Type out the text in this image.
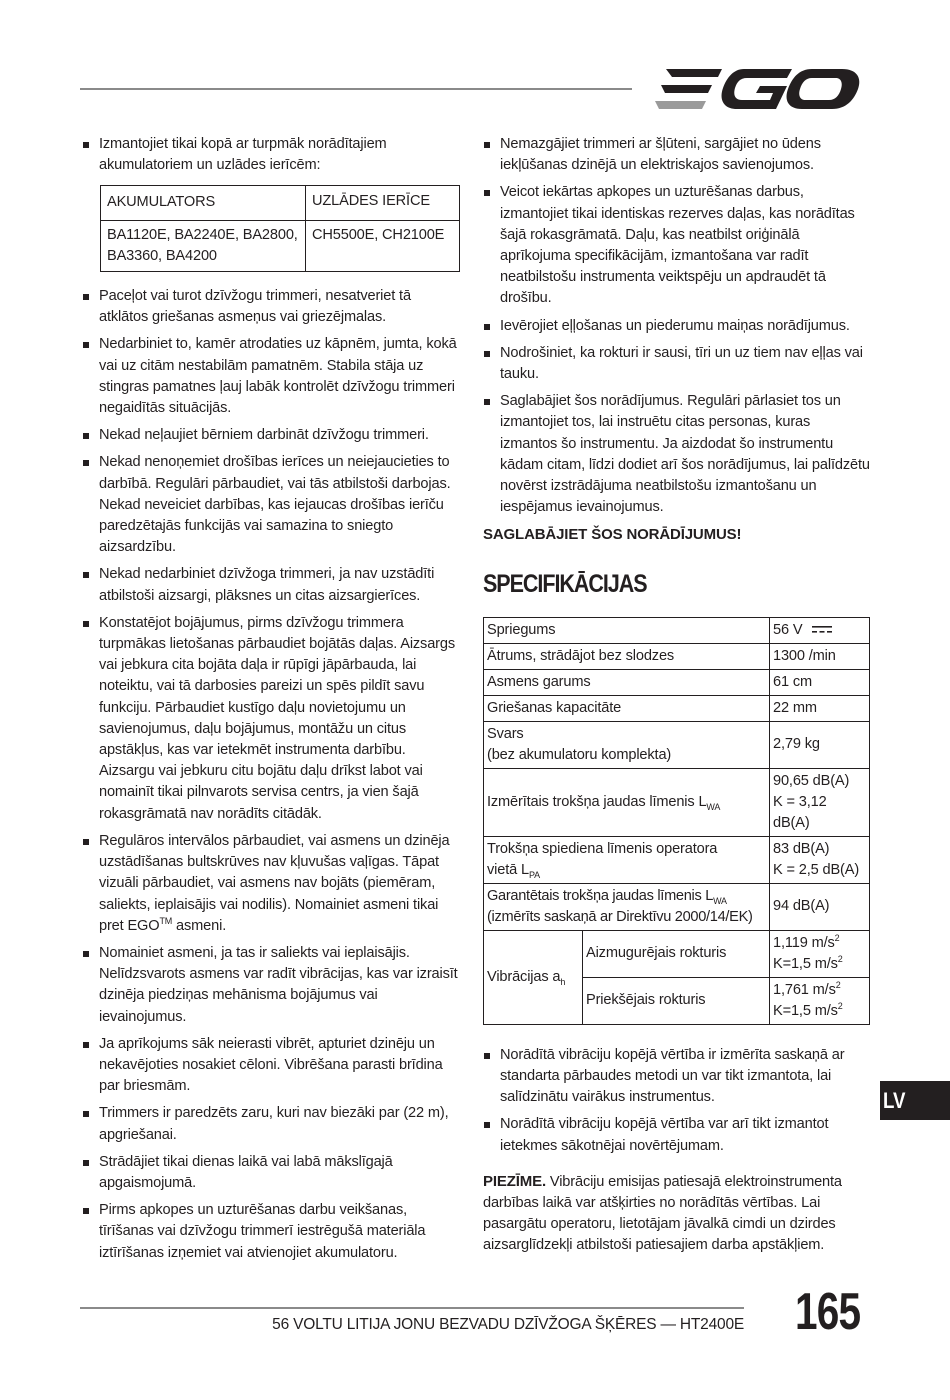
Izmantojiet tikai kopā ar turpmāk norādītajiem akumulatoriem un uzlādes ierīcēm:
AKUMULATORS	UZLĀDES IERĪCE
BA1120E, BA2240E, BA2800, BA3360, BA4200	CH5500E, CH2100E
Paceļot vai turot dzīvžogu trimmeri, nesatveriet tā atklātos griešanas asmeņus vai griezējmalas.
Nedarbiniet to, kamēr atrodaties uz kāpnēm, jumta, kokā vai uz citām nestabilām pamatnēm. Stabila stāja uz stingras pamatnes ļauj labāk kontrolēt dzīvžogu trimmeri negaidītās situācijās.
Nekad neļaujiet bērniem darbināt dzīvžogu trimmeri.
Nekad nenoņemiet drošības ierīces un neiejaucieties to darbībā. Regulāri pārbaudiet, vai tās atbilstoši darbojas. Nekad neveiciet darbības, kas iejaucas drošības ierīču paredzētajās funkcijās vai samazina to sniegto aizsardzību.
Nekad nedarbiniet dzīvžoga trimmeri, ja nav uzstādīti atbilstoši aizsargi, plāksnes un citas aizsargierīces.
Konstatējot bojājumus, pirms dzīvžogu trimmera turpmākas lietošanas pārbaudiet bojātās daļas. Aizsargs vai jebkura cita bojāta daļa ir rūpīgi jāpārbauda, lai noteiktu, vai tā darbosies pareizi un spēs pildīt savu funkciju. Pārbaudiet kustīgo daļu novietojumu un savienojumus, daļu bojājumus, montāžu un citus apstākļus, kas var ietekmēt instrumenta darbību. Aizsargu vai jebkuru citu bojātu daļu drīkst labot vai nomainīt tikai pilnvarots servisa centrs, ja vien šajā rokasgrāmatā nav norādīts citādāk.
Regulāros intervālos pārbaudiet, vai asmens un dzinēja uzstādīšanas bultskrūves nav kļuvušas vaļīgas. Tāpat vizuāli pārbaudiet, vai asmens nav bojāts (piemēram, saliekts, ieplaisājis vai nodilis). Nomainiet asmeni tikai pret EGO™ asmeni.
Nomainiet asmeni, ja tas ir saliekts vai ieplaisājis. Nelīdzsvarots asmens var radīt vibrācijas, kas var izraisīt dzinēja piedziņas mehānisma bojājumus vai ievainojumus.
Ja aprīkojums sāk neierasti vibrēt, apturiet dzinēju un nekavējoties nosakiet cēloni. Vibrēšana parasti brīdina par briesmām.
Trimmers ir paredzēts zaru, kuri nav biezāki par (22 m), apgriešanai.
Strādājiet tikai dienas laikā vai labā mākslīgajā apgaismojumā.
Pirms apkopes un uzturēšanas darbu veikšanas, tīrīšanas vai dzīvžogu trimmerī iestrēgušā materiāla iztīrīšanas izņemiet vai atvienojiet akumulatoru.
Nemazgājiet trimmeri ar šļūteni, sargājiet no ūdens iekļūšanas dzinējā un elektriskajos savienojumos.
Veicot iekārtas apkopes un uzturēšanas darbus, izmantojiet tikai identiskas rezerves daļas, kas norādītas šajā rokasgrāmatā. Daļu, kas neatbilst oriģinālā aprīkojuma specifikācijām, izmantošana var radīt neatbilstošu instrumenta veiktspēju un apdraudēt tā drošību.
Ievērojiet eļļošanas un piederumu maiņas norādījumus.
Nodrošiniet, ka rokturi ir sausi, tīri un uz tiem nav eļļas vai tauku.
Saglabājiet šos norādījumus. Regulāri pārlasiet tos un izmantojiet tos, lai instruētu citas personas, kuras izmantos šo instrumentu. Ja aizdodat šo instrumentu kādam citam, līdzi dodiet arī šos norādījumus, lai palīdzētu novērst izstrādājuma neatbilstošu izmantošanu un iespējamus ievainojumus.
SAGLABĀJIET ŠOS NORĀDĪJUMUS!
SPECIFIKĀCIJAS
Spriegums		56 V
Ātrums, strādājot bez slodzes		1300 /min
Asmens garums		61 cm
Griešanas kapacitāte		22 mm
Svars
(bez akumulatoru komplekta)		2,79 kg
Izmērītais trokšņa jaudas līmenis $L_{WA}$		90,65 dB(A)
K = 3,12 dB(A)
Trokšņa spiediena līmenis operatora
vietā $L_{PA}$		83 dB(A)
K = 2,5 dB(A)
Garantētais trokšņa jaudas līmenis $L_{WA}$
(izmērīts saskaņā ar Direktīvu 2000/14/EK)		94 dB(A)
Vibrācijas $a_h$	Aizmugurējais rokturis	1,119 $m/s^2$
K=1,5 $m/s^2$
	Priekšējais rokturis	1,761 $m/s^2$
K=1,5 $m/s^2$
Norādītā vibrāciju kopējā vērtība ir izmērīta saskaņā ar standarta pārbaudes metodi un var tikt izmantota, lai salīdzinātu vairākus instrumentus.
Norādītā vibrāciju kopējā vērtība var arī tikt izmantot ietekmes sākotnējai novērtējumam.

PIEZĪME. Vibrāciju emisijas patiesajā elektroinstrumenta darbības laikā var atšķirties no norādītās vērtības. Lai pasargātu operatoru, lietotājam jāvalkā cimdi un dzirdes aizsarglīdzekļi atbilstoši patiesajiem darba apstākļiem.

LV
56 VOLTU LITIJA JONU BEZVADU DZĪVŽOGA ŠĶĒRES — HT2400E 165
